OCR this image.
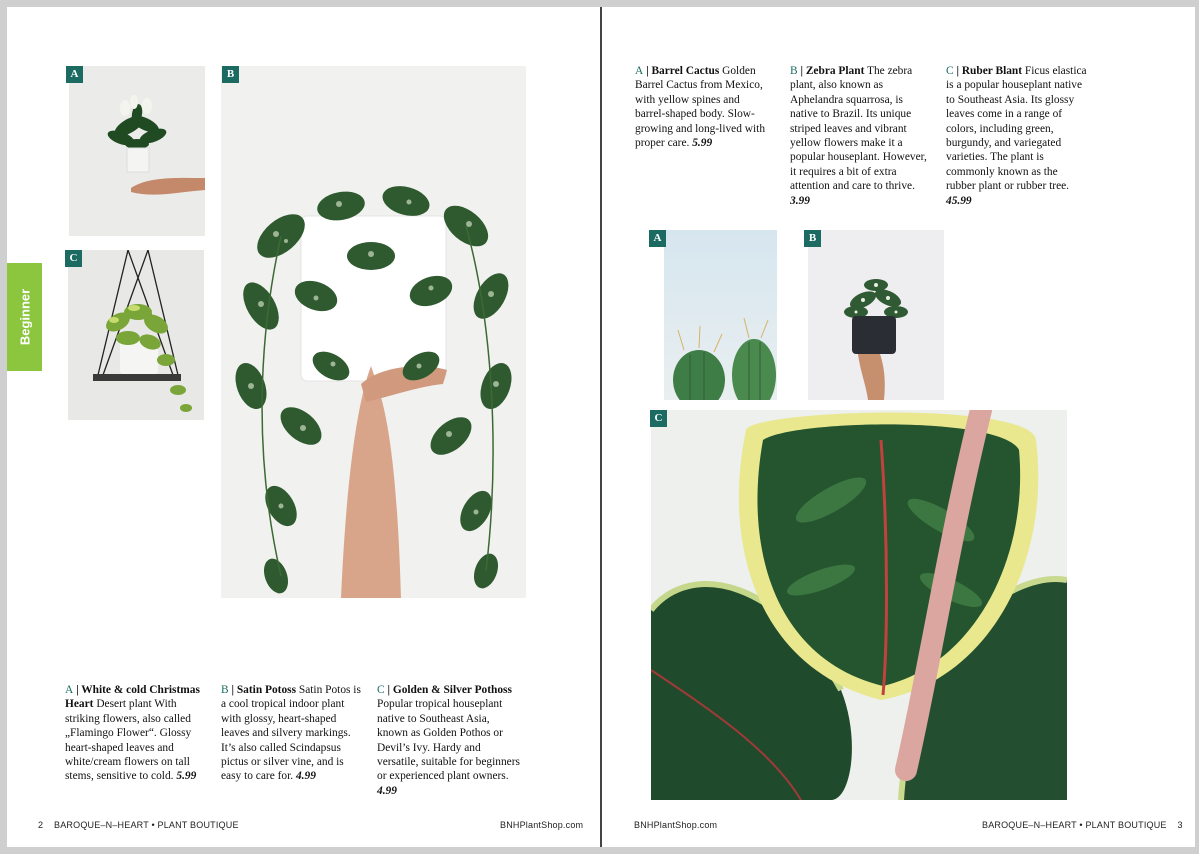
Beginner
A	B
C
A | White & cold Christmas Heart Desert plant With striking flowers, also called „Flamingo Flower“. Glossy heart-shaped leaves and white/cream flowers on tall stems, sensitive to cold. 5.99
B | Satin Potoss Satin Potos is a cool tropical indoor plant with glossy, heart-shaped leaves and silvery markings. It’s also called Scindapsus pictus or silver vine, and is easy to care for. 4.99
C | Golden & Silver Pothoss Popular tropical houseplant native to Southeast Asia, known as Golden Pothos or Devil’s Ivy. Hardy and versatile, suitable for beginners or experienced plant owners. 4.99
2 BAROQUE–N–HEART • PLANT BOUTIQUE	BNHPlantShop.com
A | Barrel Cactus Golden Barrel Cactus from Mexico, with yellow spines and barrel-shaped body. Slow-growing and long-lived with proper care. 5.99
B | Zebra Plant The zebra plant, also known as Aphelandra squarrosa, is native to Brazil. Its unique striped leaves and vibrant yellow flowers make it a popular houseplant. However, it requires a bit of extra attention and care to thrive. 3.99
C | Ruber Blant Ficus elastica is a popular houseplant native to Southeast Asia. Its glossy leaves come in a range of colors, including green, burgundy, and variegated varieties. The plant is commonly known as the rubber plant or rubber tree. 45.99
A	B
C
BNHPlantShop.com	BAROQUE–N–HEART • PLANT BOUTIQUE 3
